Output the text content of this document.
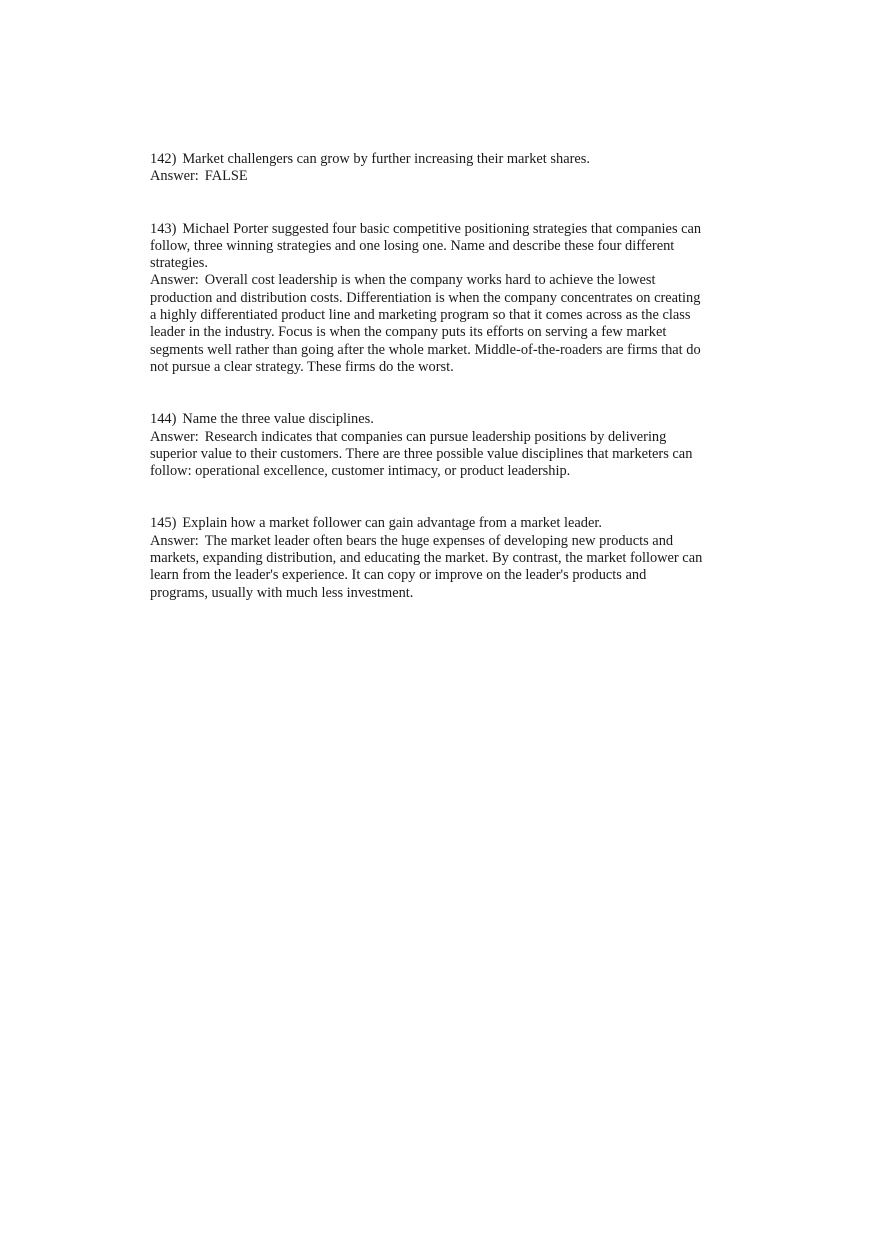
142) Market challengers can grow by further increasing their market shares.
Answer: FALSE
143) Michael Porter suggested four basic competitive positioning strategies that companies can
follow, three winning strategies and one losing one. Name and describe these four different
strategies.
Answer: Overall cost leadership is when the company works hard to achieve the lowest
production and distribution costs. Differentiation is when the company concentrates on creating
a highly differentiated product line and marketing program so that it comes across as the class
leader in the industry. Focus is when the company puts its efforts on serving a few market
segments well rather than going after the whole market. Middle-of-the-roaders are firms that do
not pursue a clear strategy. These firms do the worst.
144) Name the three value disciplines.
Answer: Research indicates that companies can pursue leadership positions by delivering
superior value to their customers. There are three possible value disciplines that marketers can
follow: operational excellence, customer intimacy, or product leadership.
145) Explain how a market follower can gain advantage from a market leader.
Answer: The market leader often bears the huge expenses of developing new products and
markets, expanding distribution, and educating the market. By contrast, the market follower can
learn from the leader's experience. It can copy or improve on the leader's products and
programs, usually with much less investment.
